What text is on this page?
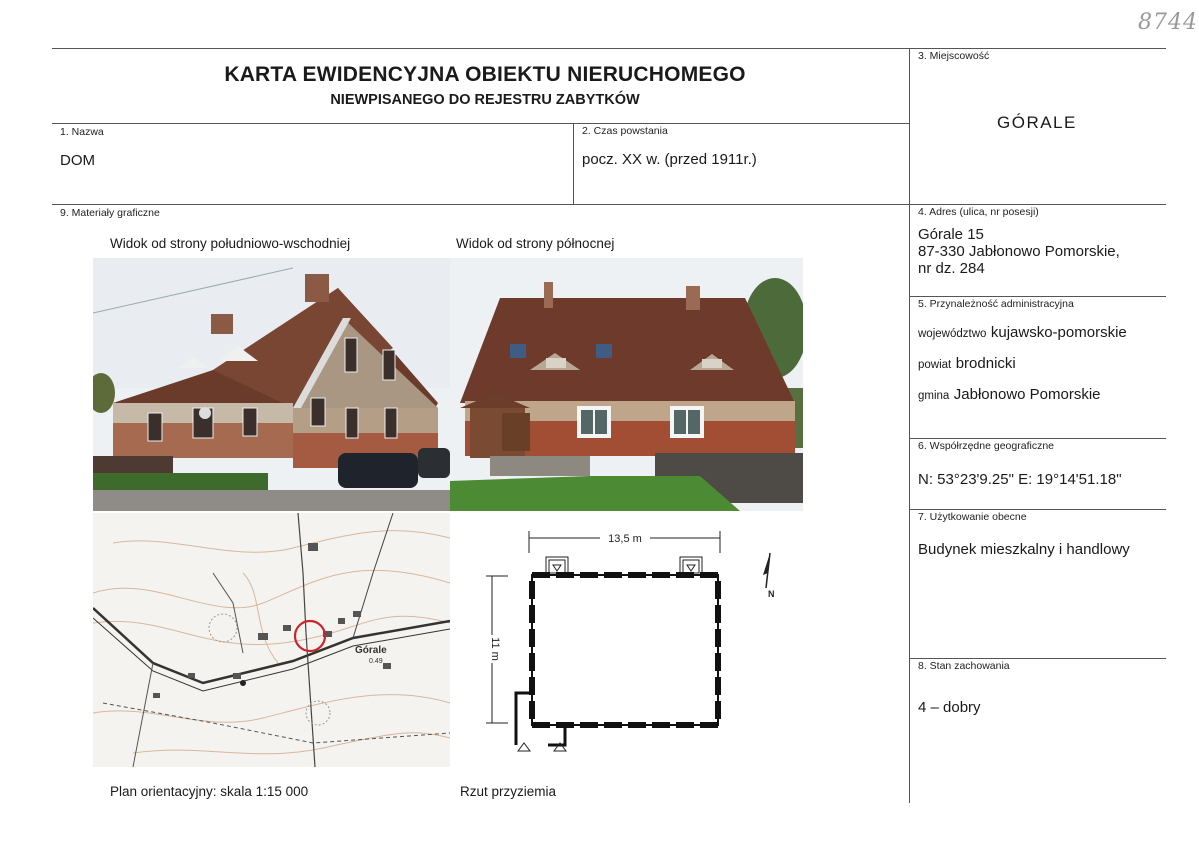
8744
KARTA EWIDENCYJNA OBIEKTU NIERUCHOMEGO
NIEWPISANEGO DO REJESTRU ZABYTKÓW
3. Miejscowość
GÓRALE
1. Nazwa
DOM
2. Czas powstania
pocz. XX w. (przed 1911r.)
9. Materiały graficzne	4. Adres (ulica, nr posesji)
Górale 15
87-330 Jabłonowo Pomorskie,
nr dz. 284
5. Przynależność administracyjna
województwo kujawsko-pomorskie
powiat brodnicki
gmina Jabłonowo Pomorskie
6. Współrzędne geograficzne
N: 53°23'9.25" E: 19°14'51.18"
7. Użytkowanie obecne
Budynek mieszkalny i handlowy
8. Stan zachowania
4 – dobry
Widok od strony południowo-wschodniej	Widok od strony północnej
Górale
0.49
13,5 m
11 m
N
Plan orientacyjny: skala 1:15 000	Rzut przyziemia
